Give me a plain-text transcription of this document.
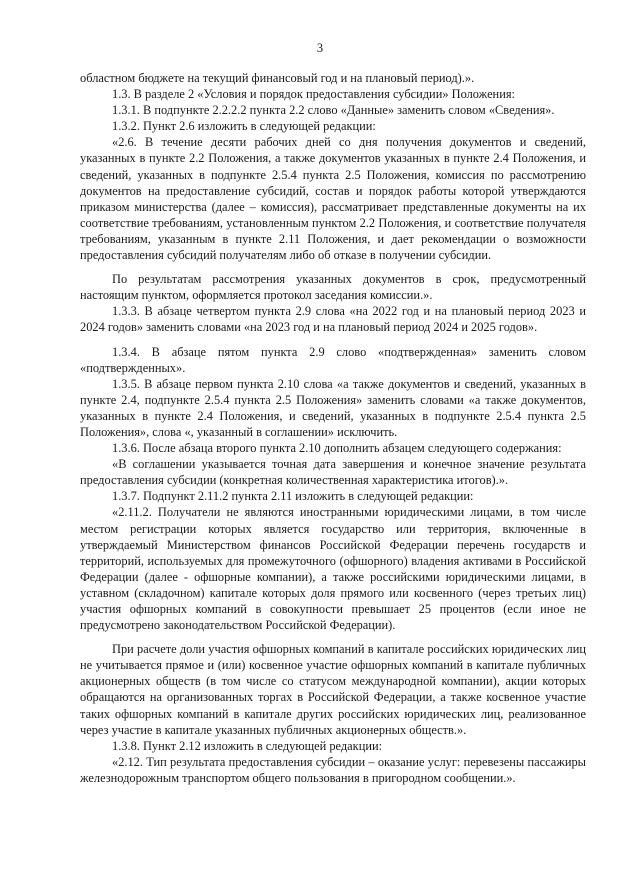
3

областном бюджете на текущий финансовый год и на плановый период).».

1.3. В разделе 2 «Условия и порядок предоставления субсидии» Положения:

1.3.1. В подпункте 2.2.2.2 пункта 2.2 слово «Данные» заменить словом «Сведения».

1.3.2. Пункт 2.6 изложить в следующей редакции:

«2.6. В течение десяти рабочих дней со дня получения документов и сведений, указанных в пункте 2.2 Положения, а также документов указанных в пункте 2.4 Положения, и сведений, указанных в подпункте 2.5.4 пункта 2.5 Положения, комиссия по рассмотрению документов на предоставление субсидий, состав и порядок работы которой утверждаются приказом министерства (далее – комиссия), рассматривает представленные документы на их соответствие требованиям, установленным пунктом 2.2 Положения, и соответствие получателя требованиям, указанным в пункте 2.11 Положения, и дает рекомендации о возможности предоставления субсидий получателям либо об отказе в получении субсидии.

По результатам рассмотрения указанных документов в срок, предусмотренный настоящим пунктом, оформляется протокол заседания комиссии.».

1.3.3. В абзаце четвертом пункта 2.9 слова «на 2022 год и на плановый период 2023 и 2024 годов» заменить словами «на 2023 год и на плановый период 2024 и 2025 годов».

1.3.4. В абзаце пятом пункта 2.9 слово «подтвержденная» заменить словом «подтвержденных».

1.3.5. В абзаце первом пункта 2.10 слова «а также документов и сведений, указанных в пункте 2.4, подпункте 2.5.4 пункта 2.5 Положения» заменить словами «а также документов, указанных в пункте 2.4 Положения, и сведений, указанных в подпункте 2.5.4 пункта 2.5 Положения», слова «, указанный в соглашении» исключить.

1.3.6. После абзаца второго пункта 2.10 дополнить абзацем следующего содержания:

«В соглашении указывается точная дата завершения и конечное значение результата предоставления субсидии (конкретная количественная характеристика итогов).».

1.3.7. Подпункт 2.11.2 пункта 2.11 изложить в следующей редакции:

«2.11.2. Получатели не являются иностранными юридическими лицами, в том числе местом регистрации которых является государство или территория, включенные в утверждаемый Министерством финансов Российской Федерации перечень государств и территорий, используемых для промежуточного (офшорного) владения активами в Российской Федерации (далее - офшорные компании), а также российскими юридическими лицами, в уставном (складочном) капитале которых доля прямого или косвенного (через третьих лиц) участия офшорных компаний в совокупности превышает 25 процентов (если иное не предусмотрено законодательством Российской Федерации).

При расчете доли участия офшорных компаний в капитале российских юридических лиц не учитывается прямое и (или) косвенное участие офшорных компаний в капитале публичных акционерных обществ (в том числе со статусом международной компании), акции которых обращаются на организованных торгах в Российской Федерации, а также косвенное участие таких офшорных компаний в капитале других российских юридических лиц, реализованное через участие в капитале указанных публичных акционерных обществ.».

1.3.8. Пункт 2.12 изложить в следующей редакции:

«2.12. Тип результата предоставления субсидии – оказание услуг: перевезены пассажиры железнодорожным транспортом общего пользования в пригородном сообщении.».
